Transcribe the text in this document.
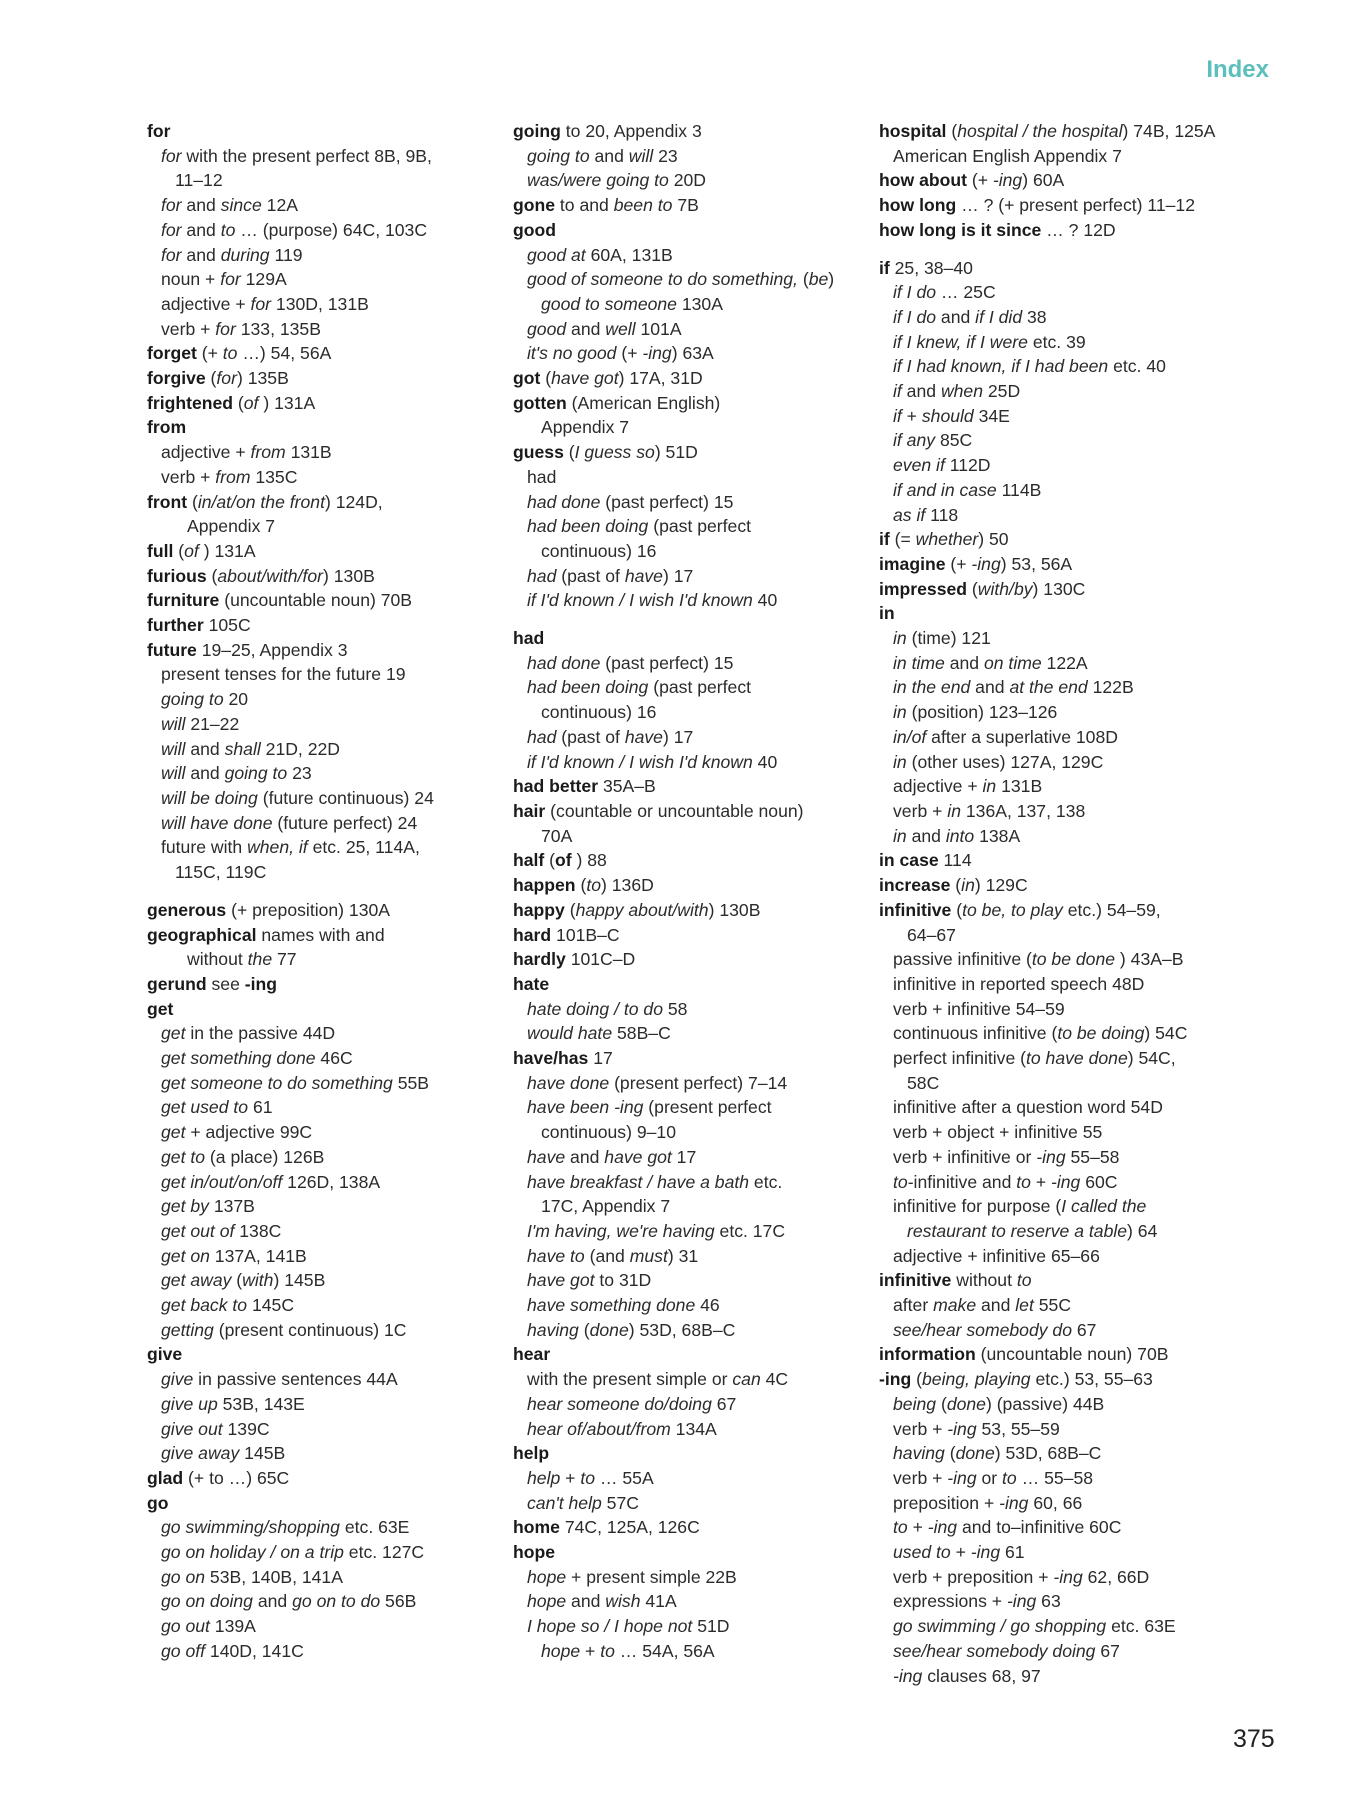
Index
for
for with the present perfect 8B, 9B,
11–12
for and since 12A
for and to … (purpose) 64C, 103C
for and during 119
noun + for 129A
adjective + for 130D, 131B
verb + for 133, 135B
forget (+ to …) 54, 56A
forgive (for) 135B
frightened (of ) 131A
from
adjective + from 131B
verb + from 135C
front (in/at/on the front) 124D,
Appendix 7
full (of ) 131A
furious (about/with/for) 130B
furniture (uncountable noun) 70B
further 105C
future 19–25, Appendix 3
present tenses for the future 19
going to 20
will 21–22
will and shall 21D, 22D
will and going to 23
will be doing (future continuous) 24
will have done (future perfect) 24
future with when, if etc. 25, 114A,
115C, 119C
generous (+ preposition) 130A
geographical names with and
without the 77
gerund see -ing
get
get in the passive 44D
get something done 46C
get someone to do something 55B
get used to 61
get + adjective 99C
get to (a place) 126B
get in/out/on/off 126D, 138A
get by 137B
get out of 138C
get on 137A, 141B
get away (with) 145B
get back to 145C
getting (present continuous) 1C
give
give in passive sentences 44A
give up 53B, 143E
give out 139C
give away 145B
glad (+ to …) 65C
go
go swimming/shopping etc. 63E
go on holiday / on a trip etc. 127C
go on 53B, 140B, 141A
go on doing and go on to do 56B
go out 139A
go off 140D, 141C
going to 20, Appendix 3
going to and will 23
was/were going to 20D
gone to and been to 7B
good
good at 60A, 131B
good of someone to do something, (be)
good to someone 130A
good and well 101A
it's no good (+ -ing) 63A
got (have got) 17A, 31D
gotten (American English)
Appendix 7
guess (I guess so) 51D
had
had done (past perfect) 15
had been doing (past perfect
continuous) 16
had (past of have) 17
if I'd known / I wish I'd known 40
had
had done (past perfect) 15
had been doing (past perfect
continuous) 16
had (past of have) 17
if I'd known / I wish I'd known 40
had better 35A–B
hair (countable or uncountable noun)
70A
half (of ) 88
happen (to) 136D
happy (happy about/with) 130B
hard 101B–C
hardly 101C–D
hate
hate doing / to do 58
would hate 58B–C
have/has 17
have done (present perfect) 7–14
have been -ing (present perfect
continuous) 9–10
have and have got 17
have breakfast / have a bath etc.
17C, Appendix 7
I'm having, we're having etc. 17C
have to (and must) 31
have got to 31D
have something done 46
having (done) 53D, 68B–C
hear
with the present simple or can 4C
hear someone do/doing 67
hear of/about/from 134A
help
help + to … 55A
can't help 57C
home 74C, 125A, 126C
hope
hope + present simple 22B
hope and wish 41A
I hope so / I hope not 51D
hope + to … 54A, 56A
hospital (hospital / the hospital) 74B, 125A
American English Appendix 7
how about (+ -ing) 60A
how long … ? (+ present perfect) 11–12
how long is it since … ? 12D
if 25, 38–40
if I do … 25C
if I do and if I did 38
if I knew, if I were etc. 39
if I had known, if I had been etc. 40
if and when 25D
if + should 34E
if any 85C
even if 112D
if and in case 114B
as if 118
if (= whether) 50
imagine (+ -ing) 53, 56A
impressed (with/by) 130C
in
in (time) 121
in time and on time 122A
in the end and at the end 122B
in (position) 123–126
in/of after a superlative 108D
in (other uses) 127A, 129C
adjective + in 131B
verb + in 136A, 137, 138
in and into 138A
in case 114
increase (in) 129C
infinitive (to be, to play etc.) 54–59,
64–67
passive infinitive (to be done ) 43A–B
infinitive in reported speech 48D
verb + infinitive 54–59
continuous infinitive (to be doing) 54C
perfect infinitive (to have done) 54C,
58C
infinitive after a question word 54D
verb + object + infinitive 55
verb + infinitive or -ing 55–58
to-infinitive and to + -ing 60C
infinitive for purpose (I called the
restaurant to reserve a table) 64
adjective + infinitive 65–66
infinitive without to
after make and let 55C
see/hear somebody do 67
information (uncountable noun) 70B
-ing (being, playing etc.) 53, 55–63
being (done) (passive) 44B
verb + -ing 53, 55–59
having (done) 53D, 68B–C
verb + -ing or to … 55–58
preposition + -ing 60, 66
to + -ing and to–infinitive 60C
used to + -ing 61
verb + preposition + -ing 62, 66D
expressions + -ing 63
go swimming / go shopping etc. 63E
see/hear somebody doing 67
-ing clauses 68, 97
375
